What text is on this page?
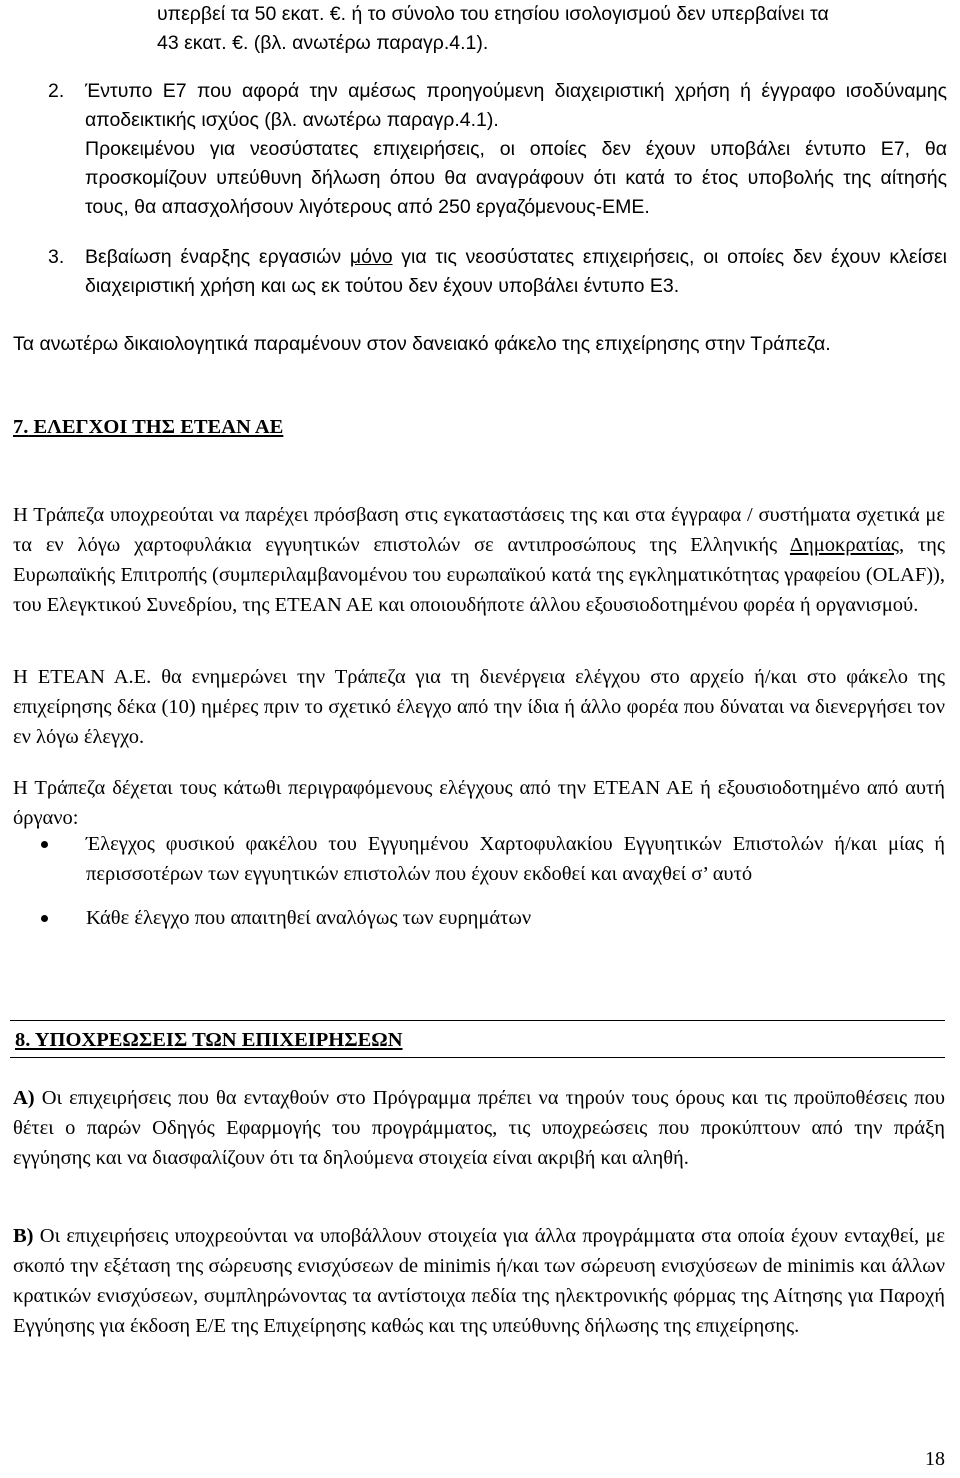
υπερβεί τα 50 εκατ. €. ή το σύνολο του ετησίου ισολογισμού δεν υπερβαίνει τα
43 εκατ. €. (βλ. ανωτέρω παραγρ.4.1).
2. Έντυπο Ε7 που αφορά την αμέσως προηγούμενη διαχειριστική χρήση ή έγγραφο ισοδύναμης αποδεικτικής ισχύος (βλ. ανωτέρω παραγρ.4.1).
Προκειμένου για νεοσύστατες επιχειρήσεις, οι οποίες δεν έχουν υποβάλει έντυπο Ε7, θα προσκομίζουν υπεύθυνη δήλωση όπου θα αναγράφουν ότι κατά το έτος υποβολής της αίτησής τους, θα απασχολήσουν λιγότερους από 250 εργαζόμενους-ΕΜΕ.
3. Βεβαίωση έναρξης εργασιών μόνο για τις νεοσύστατες επιχειρήσεις, οι οποίες δεν έχουν κλείσει διαχειριστική χρήση και ως εκ τούτου δεν έχουν υποβάλει έντυπο Ε3.
Τα ανωτέρω δικαιολογητικά παραμένουν στον δανειακό φάκελο της επιχείρησης στην Τράπεζα.
7. ΕΛΕΓΧΟΙ ΤΗΣ ΕΤΕΑΝ ΑΕ
Η Τράπεζα υποχρεούται να παρέχει πρόσβαση στις εγκαταστάσεις της και στα έγγραφα / συστήματα σχετικά με τα εν λόγω χαρτοφυλάκια εγγυητικών επιστολών σε αντιπροσώπους της Ελληνικής Δημοκρατίας, της Ευρωπαϊκής Επιτροπής (συμπεριλαμβανομένου του ευρωπαϊκού κατά της εγκληματικότητας γραφείου (OLAF)), του Ελεγκτικού Συνεδρίου, της ΕΤΕΑΝ ΑΕ και οποιουδήποτε άλλου εξουσιοδοτημένου φορέα ή οργανισμού.
Η ΕΤΕΑΝ Α.Ε. θα ενημερώνει την Τράπεζα για τη διενέργεια ελέγχου στο αρχείο ή/και στο φάκελο της επιχείρησης δέκα (10) ημέρες πριν το σχετικό έλεγχο από την ίδια ή άλλο φορέα που δύναται να διενεργήσει τον εν λόγω έλεγχο.
Η Τράπεζα δέχεται τους κάτωθι περιγραφόμενους ελέγχους από την ΕΤΕΑΝ ΑΕ ή εξουσιοδοτημένο από αυτή όργανο:
Έλεγχος φυσικού φακέλου του Εγγυημένου Χαρτοφυλακίου Εγγυητικών Επιστολών ή/και μίας ή περισσοτέρων των εγγυητικών επιστολών που έχουν εκδοθεί και αναχθεί σ’ αυτό
Κάθε έλεγχο που απαιτηθεί αναλόγως των ευρημάτων
8. ΥΠΟΧΡΕΩΣΕΙΣ ΤΩΝ ΕΠΙΧΕΙΡΗΣΕΩΝ
Α) Οι επιχειρήσεις που θα ενταχθούν στο Πρόγραμμα πρέπει να τηρούν τους όρους και τις προϋποθέσεις που θέτει ο παρών Οδηγός Εφαρμογής του προγράμματος, τις υποχρεώσεις που προκύπτουν από την πράξη εγγύησης και να διασφαλίζουν ότι τα δηλούμενα στοιχεία είναι ακριβή και αληθή.
Β) Οι επιχειρήσεις υποχρεούνται να υποβάλλουν στοιχεία για άλλα προγράμματα στα οποία έχουν ενταχθεί, με σκοπό την εξέταση της σώρευσης ενισχύσεων de minimis ή/και των σώρευση ενισχύσεων de minimis και άλλων κρατικών ενισχύσεων, συμπληρώνοντας τα αντίστοιχα πεδία της ηλεκτρονικής φόρμας της Αίτησης για Παροχή Εγγύησης για έκδοση Ε/Ε της Επιχείρησης καθώς και της υπεύθυνης δήλωσης της επιχείρησης.
18
